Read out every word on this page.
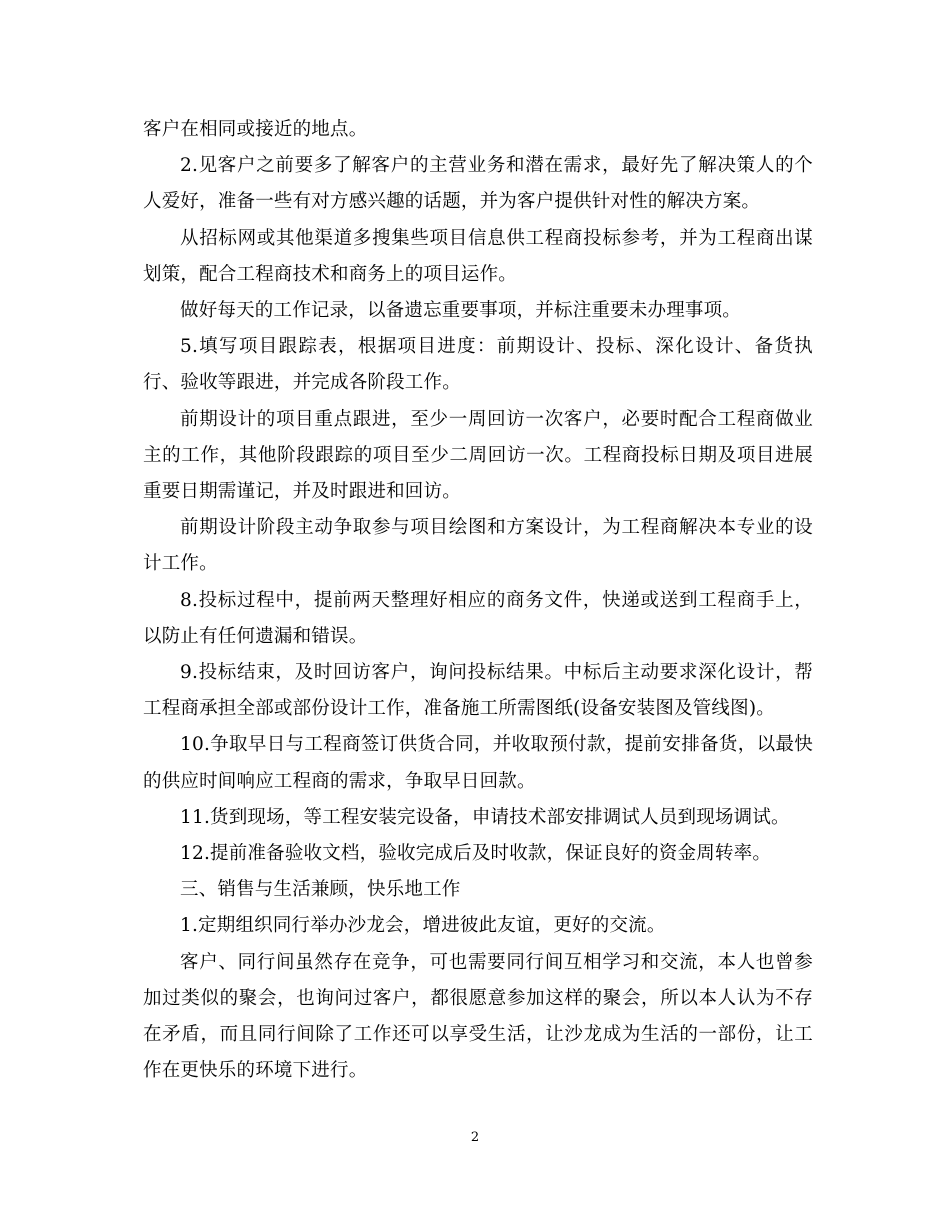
客户在相同或接近的地点。

2.见客户之前要多了解客户的主营业务和潜在需求，最好先了解决策人的个人爱好，准备一些有对方感兴趣的话题，并为客户提供针对性的解决方案。

从招标网或其他渠道多搜集些项目信息供工程商投标参考，并为工程商出谋划策，配合工程商技术和商务上的项目运作。

做好每天的工作记录，以备遗忘重要事项，并标注重要未办理事项。

5.填写项目跟踪表，根据项目进度：前期设计、投标、深化设计、备货执行、验收等跟进，并完成各阶段工作。

前期设计的项目重点跟进，至少一周回访一次客户，必要时配合工程商做业主的工作，其他阶段跟踪的项目至少二周回访一次。工程商投标日期及项目进展重要日期需谨记，并及时跟进和回访。

前期设计阶段主动争取参与项目绘图和方案设计，为工程商解决本专业的设计工作。

8.投标过程中，提前两天整理好相应的商务文件，快递或送到工程商手上，以防止有任何遗漏和错误。

9.投标结束，及时回访客户，询问投标结果。中标后主动要求深化设计，帮工程商承担全部或部份设计工作，准备施工所需图纸(设备安装图及管线图)。

10.争取早日与工程商签订供货合同，并收取预付款，提前安排备货，以最快的供应时间响应工程商的需求，争取早日回款。

11.货到现场，等工程安装完设备，申请技术部安排调试人员到现场调试。

12.提前准备验收文档，验收完成后及时收款，保证良好的资金周转率。

三、销售与生活兼顾，快乐地工作

1.定期组织同行举办沙龙会，增进彼此友谊，更好的交流。

客户、同行间虽然存在竞争，可也需要同行间互相学习和交流，本人也曾参加过类似的聚会，也询问过客户，都很愿意参加这样的聚会，所以本人认为不存在矛盾，而且同行间除了工作还可以享受生活，让沙龙成为生活的一部份，让工作在更快乐的环境下进行。

2
